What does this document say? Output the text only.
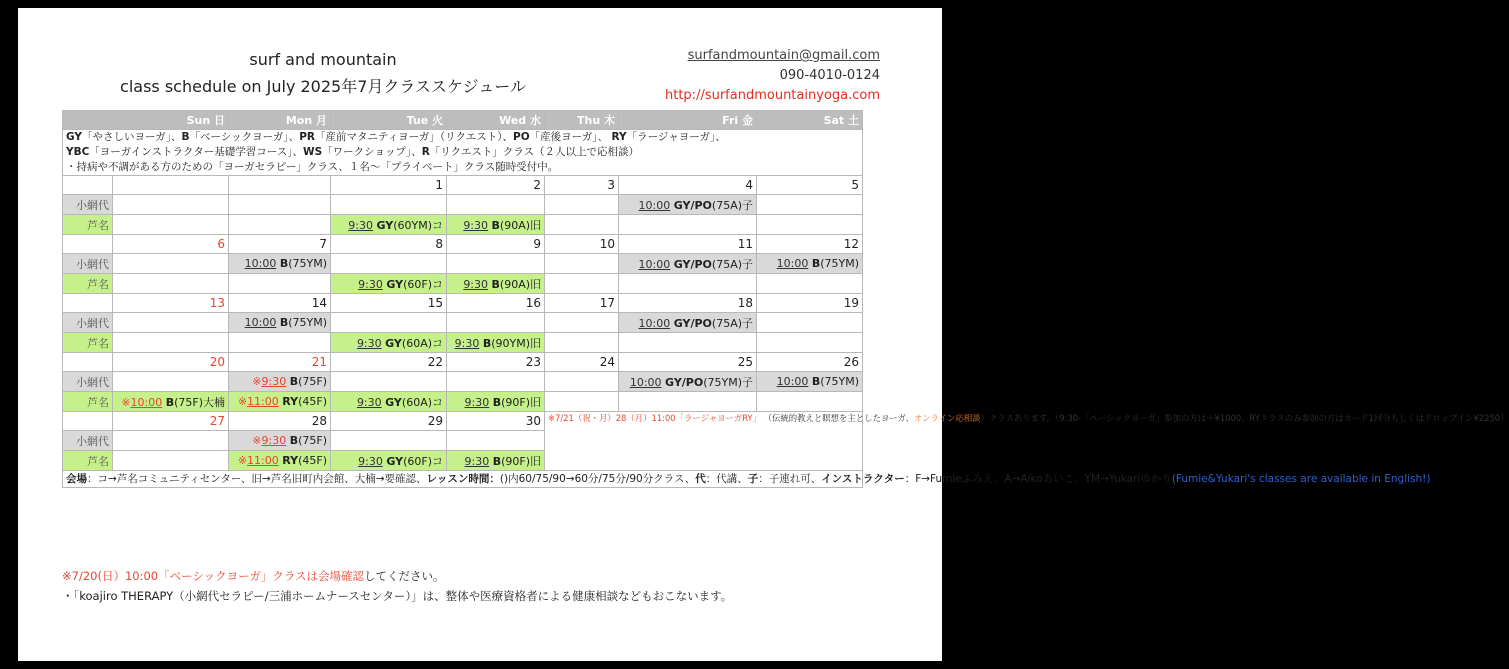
surf and mountain
class schedule on July 2025年7月クラススケジュール
surfandmountain@gmail.com
090-4010-0124
http://surfandmountainyoga.com
Sun 日		Mon 月	Tue 火	Wed 水	Thu 木	Fri 金	Sat 土
GY「やさしいヨーガ」、B「ベーシックヨーガ」、PR「産前マタニティヨーガ」（リクエスト）、PO「産後ヨーガ」、 RY「ラージャヨーガ」、
YBC「ヨーガインストラクター基礎学習コース」、WS「ワークショップ」、R「リクエスト」クラス（２人以上で応相談）
・持病や不調がある方のための「ヨーガセラピー」クラス、１名〜「プライベート」クラス随時受付中。							
			1	2	3	4	5
小網代						10:00 GY/PO(75A)子	
芦名			9:30 GY(60YM)コ	9:30 B(90A)旧			
	6	7	8	9	10	11	12
小網代		10:00 B(75YM)				10:00 GY/PO(75A)子	10:00 B(75YM)
芦名			9:30 GY(60F)コ	9:30 B(90A)旧			
	13	14	15	16	17	18	19
小網代		10:00 B(75YM)				10:00 GY/PO(75A)子	
芦名			9:30 GY(60A)コ	9:30 B(90YM)旧			
	20	21	22	23	24	25	26
小網代		※9:30 B(75F)				10:00 GY/PO(75YM)子	10:00 B(75YM)
芦名	※10:00 B(75F)大楠	※11:00 RY(45F)	9:30 GY(60A)コ	9:30 B(90F)旧			
	27	28	29	30	※7/21（祝・月）28（月）11:00「ラージャヨーガRY」 （伝統的教えと瞑想を主としたヨーガ、オンライン応相談）クラスあります。（9:30-「ベーシックヨーガ」参加の方は＋¥1000、RYクラスのみ参加の方はカード1回分もしくはドロップイン¥2250）		
小網代		※9:30 B(75F)					
芦名		※11:00 RY(45F)	9:30 GY(60F)コ	9:30 B(90F)旧			
会場：コ→芦名コミュニティセンター、旧→芦名旧町内会館、大楠→要確認、レッスン時間：()内60/75/90→60分/75分/90分クラス、代：代講、子：子連れ可、インストラクター：F→Fumieふみえ、A→Aikoあいこ、YM→Yukariゆかり(Fumie&Yukari's classes are available in English!)							
※7/20(日）10:00「ベーシックヨーガ」クラスは会場確認してください。
・「koajiro THERAPY（小網代セラピー/三浦ホームナースセンター）」は、整体や医療資格者による健康相談などもおこないます。
